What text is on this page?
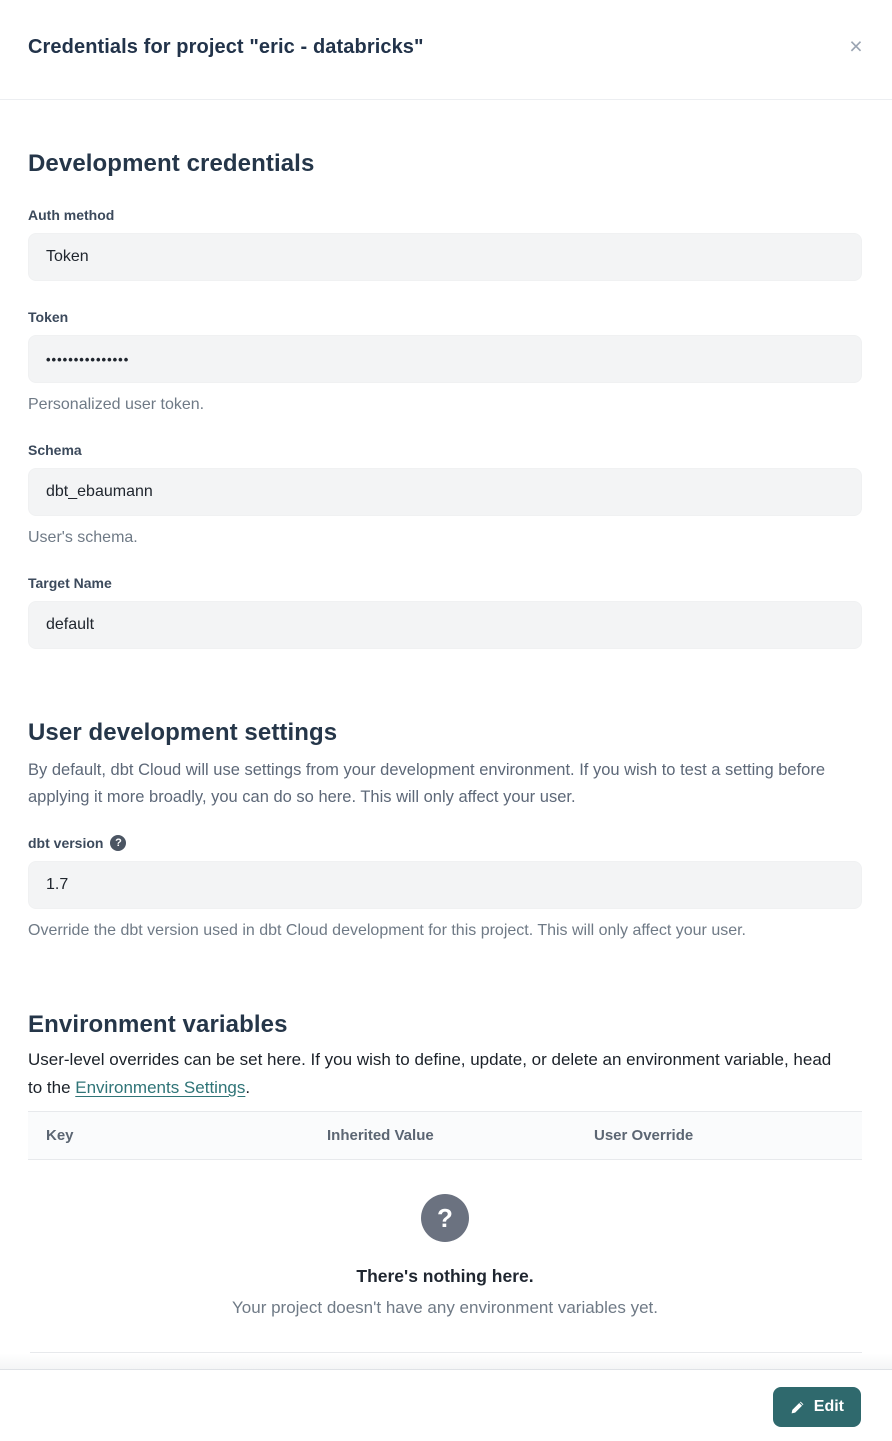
Credentials for project "eric - databricks"	×
Development credentials
Auth method
Token
Token
•••••••••••••••
Personalized user token.
Schema
dbt_ebaumann
User's schema.
Target Name
default
User development settings

By default, dbt Cloud will use settings from your development environment. If you wish to test a setting before applying it more broadly, you can do so here. This will only affect your user.

dbt version	?
1.7
Override the dbt version used in dbt Cloud development for this project. This will only affect your user.
Environment variables

User-level overrides can be set here. If you wish to define, update, or delete an environment variable, head to the Environments Settings.

Key	Inherited Value	User Override
?
There's nothing here.
Your project doesn't have any environment variables yet.
Edit
